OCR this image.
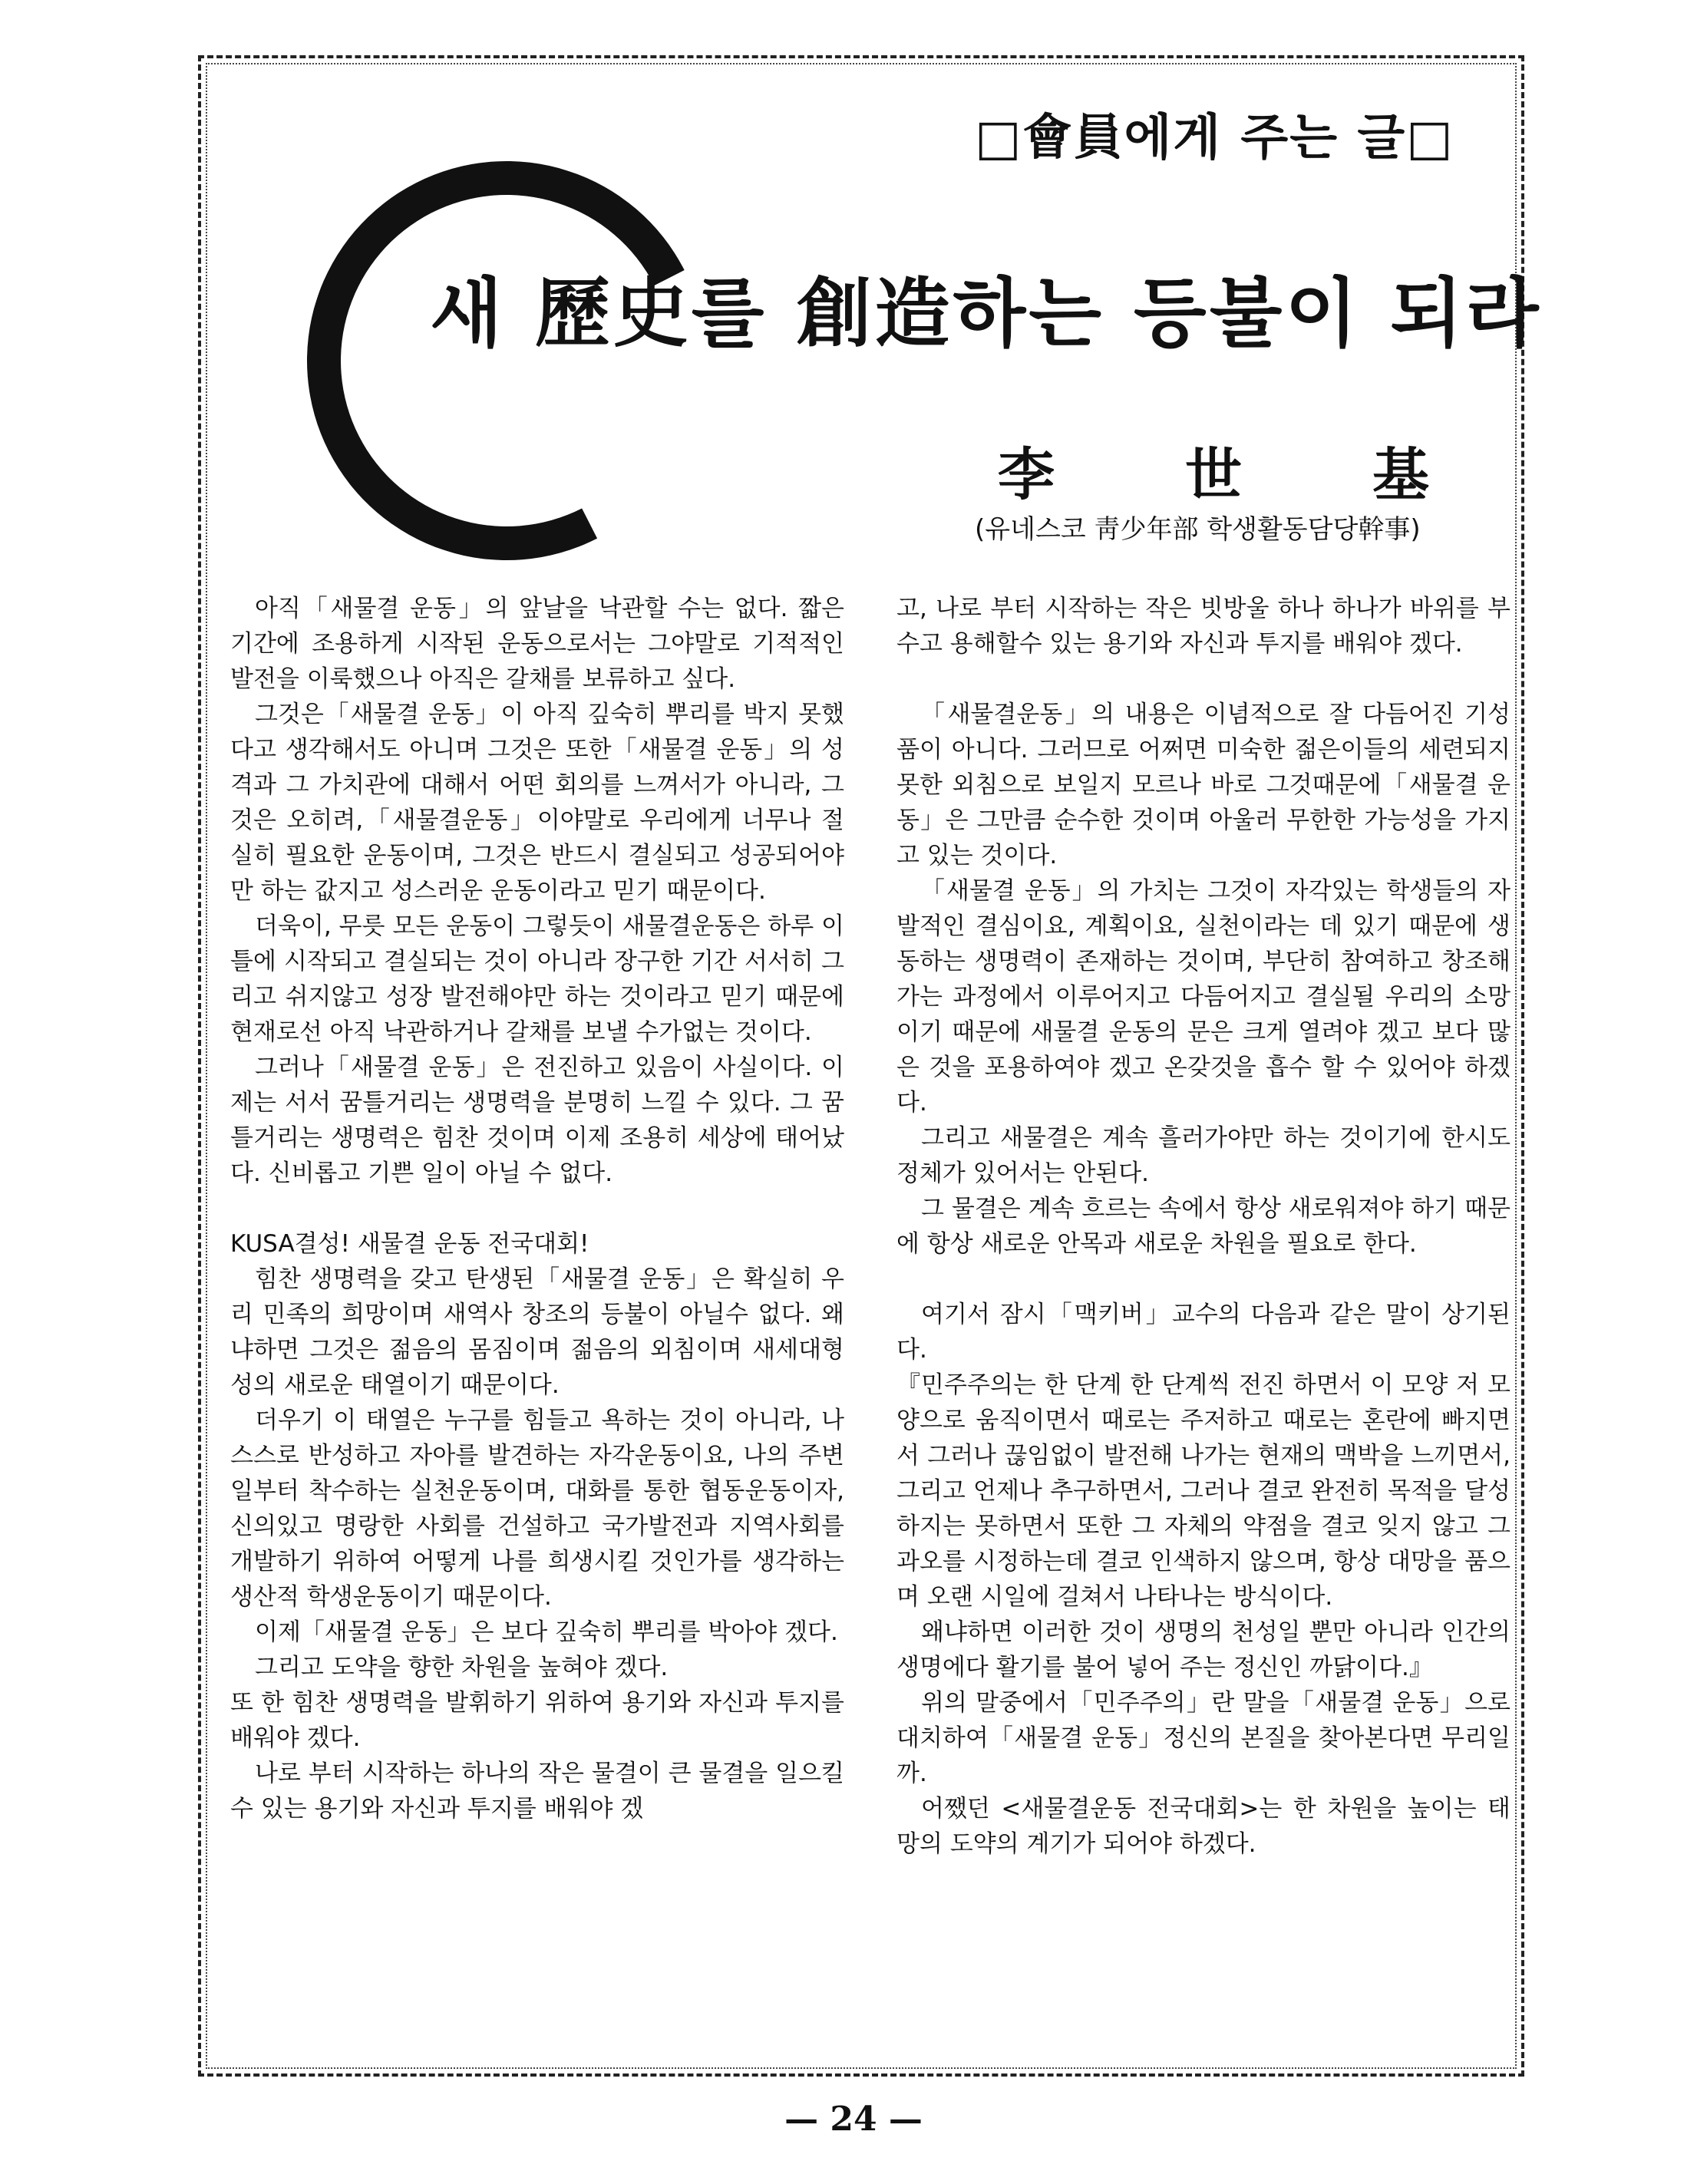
□會員에게 주는 글□
새 歷史를 創造하는 등불이 되라
李世基
(유네스코 靑少年部 학생활동담당幹事)

아직「새물결 운동」의 앞날을 낙관할 수는 없다. 짧은 기간에 조용하게 시작된 운동으로서는 그야말로 기적적인 발전을 이룩했으나 아직은 갈채를 보류하고 싶다.

그것은「새물결 운동」이 아직 깊숙히 뿌리를 박지 못했다고 생각해서도 아니며 그것은 또한「새물결 운동」의 성격과 그 가치관에 대해서 어떤 회의를 느껴서가 아니라, 그것은 오히려,「새물결운동」이야말로 우리에게 너무나 절실히 필요한 운동이며, 그것은 반드시 결실되고 성공되어야만 하는 값지고 성스러운 운동이라고 믿기 때문이다.

더욱이, 무릇 모든 운동이 그렇듯이 새물결운동은 하루 이틀에 시작되고 결실되는 것이 아니라 장구한 기간 서서히 그리고 쉬지않고 성장 발전해야만 하는 것이라고 믿기 때문에 현재로선 아직 낙관하거나 갈채를 보낼 수가없는 것이다.

그러나「새물결 운동」은 전진하고 있음이 사실이다. 이제는 서서 꿈틀거리는 생명력을 분명히 느낄 수 있다. 그 꿈틀거리는 생명력은 힘찬 것이며 이제 조용히 세상에 태어났다. 신비롭고 기쁜 일이 아닐 수 없다.

KUSA결성! 새물결 운동 전국대회!

힘찬 생명력을 갖고 탄생된「새물결 운동」은 확실히 우리 민족의 희망이며 새역사 창조의 등불이 아닐수 없다. 왜냐하면 그것은 젊음의 몸짐이며 젊음의 외침이며 새세대형성의 새로운 태열이기 때문이다.

더우기 이 태열은 누구를 힘들고 욕하는 것이 아니라, 나 스스로 반성하고 자아를 발견하는 자각운동이요, 나의 주변일부터 착수하는 실천운동이며, 대화를 통한 협동운동이자, 신의있고 명랑한 사회를 건설하고 국가발전과 지역사회를 개발하기 위하여 어떻게 나를 희생시킬 것인가를 생각하는 생산적 학생운동이기 때문이다.

이제「새물결 운동」은 보다 깊숙히 뿌리를 박아야 겠다.

그리고 도약을 향한 차원을 높혀야 겠다.

또 한 힘찬 생명력을 발휘하기 위하여 용기와 자신과 투지를 배워야 겠다.

나로 부터 시작하는 하나의 작은 물결이 큰 물결을 일으킬 수 있는 용기와 자신과 투지를 배워야 겠

고, 나로 부터 시작하는 작은 빗방울 하나 하나가 바위를 부수고 용해할수 있는 용기와 자신과 투지를 배워야 겠다.

「새물결운동」의 내용은 이념적으로 잘 다듬어진 기성품이 아니다. 그러므로 어쩌면 미숙한 젊은이들의 세련되지 못한 외침으로 보일지 모르나 바로 그것때문에「새물결 운동」은 그만큼 순수한 것이며 아울러 무한한 가능성을 가지고 있는 것이다.

「새물결 운동」의 가치는 그것이 자각있는 학생들의 자발적인 결심이요, 계획이요, 실천이라는 데 있기 때문에 생동하는 생명력이 존재하는 것이며, 부단히 참여하고 창조해가는 과정에서 이루어지고 다듬어지고 결실될 우리의 소망이기 때문에 새물결 운동의 문은 크게 열려야 겠고 보다 많은 것을 포용하여야 겠고 온갖것을 흡수 할 수 있어야 하겠다.

그리고 새물결은 계속 흘러가야만 하는 것이기에 한시도 정체가 있어서는 안된다.

그 물결은 계속 흐르는 속에서 항상 새로워져야 하기 때문에 항상 새로운 안목과 새로운 차원을 필요로 한다.

여기서 잠시「맥키버」교수의 다음과 같은 말이 상기된다.

『민주주의는 한 단계 한 단계씩 전진 하면서 이 모양 저 모양으로 움직이면서 때로는 주저하고 때로는 혼란에 빠지면서 그러나 끊임없이 발전해 나가는 현재의 맥박을 느끼면서, 그리고 언제나 추구하면서, 그러나 결코 완전히 목적을 달성하지는 못하면서 또한 그 자체의 약점을 결코 잊지 않고 그 과오를 시정하는데 결코 인색하지 않으며, 항상 대망을 품으며 오랜 시일에 걸쳐서 나타나는 방식이다.

왜냐하면 이러한 것이 생명의 천성일 뿐만 아니라 인간의 생명에다 활기를 불어 넣어 주는 정신인 까닭이다.』

위의 말중에서「민주주의」란 말을「새물결 운동」으로 대치하여「새물결 운동」정신의 본질을 찾아본다면 무리일까.

어쨌던 <새물결운동 전국대회>는 한 차원을 높이는 태망의 도약의 계기가 되어야 하겠다.

— 24 —
